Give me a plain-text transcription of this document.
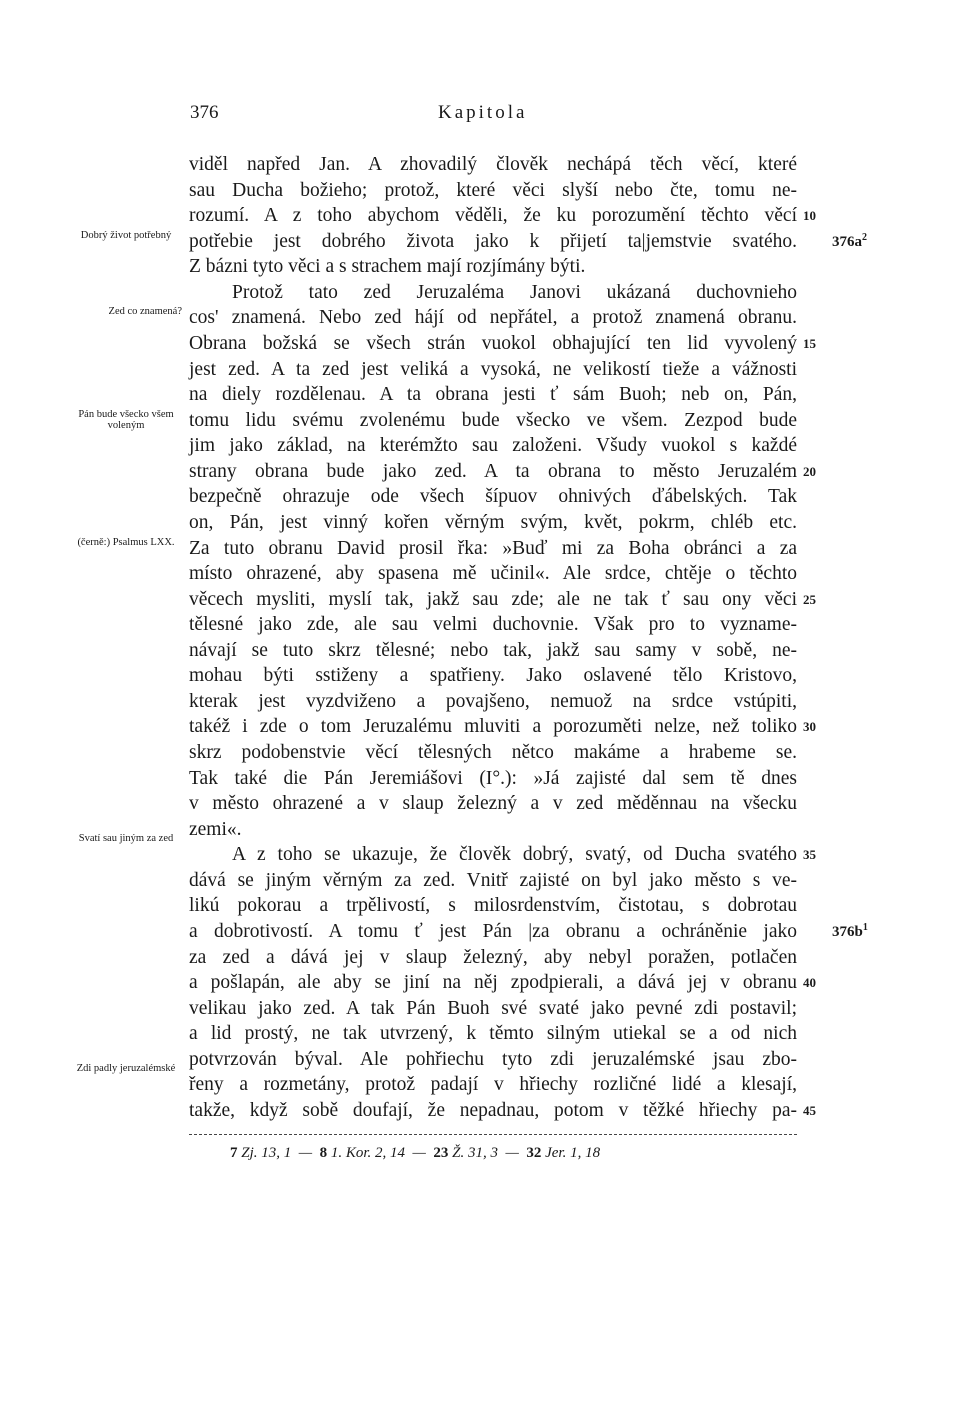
376	Kapitola
viděl napřed Jan. A zhovadilý člověk nechápá těch věcí, které
sau Ducha božieho; protož, které věci slyší nebo čte, tomu ne-
rozumí. A z toho abychom věděli, že ku porozumění těchto věcí
potřebie jest dobrého života jako k přijetí ta|jemstvie svatého.
Z bázni tyto věci a s strachem mají rozjímány býti.
Protož tato zed Jeruzaléma Janovi ukázaná duchovnieho
cos' znamená. Nebo zed hájí od nepřátel, a protož znamená obranu.
Obrana božská se všech strán vuokol obhajující ten lid vyvolený
jest zed. A ta zed jest veliká a vysoká, ne velikostí tieže a vážnosti
na diely rozdělenau. A ta obrana jesti ť sám Buoh; neb on, Pán,
tomu lidu svému zvolenému bude všecko ve všem. Zezpod bude
jim jako základ, na kterémžto sau založeni. Všudy vuokol s každé
strany obrana bude jako zed. A ta obrana to město Jeruzalém
bezpečně ohrazuje ode všech šípuov ohnivých ďábelských. Tak
on, Pán, jest vinný kořen věrným svým, květ, pokrm, chléb etc.
Za tuto obranu David prosil řka: »Buď mi za Boha obránci a za
místo ohrazené, aby spasena mě učinil«. Ale srdce, chtěje o těchto
věcech mysliti, myslí tak, jakž sau zde; ale ne tak ť sau ony věci
tělesné jako zde, ale sau velmi duchovnie. Však pro to vyzname-
návají se tuto skrz tělesné; nebo tak, jakž sau samy v sobě, ne-
mohau býti sstiženy a spatřieny. Jako oslavené tělo Kristovo,
kterak jest vyzdviženo a povajšeno, nemuož na srdce vstúpiti,
takéž i zde o tom Jeruzalému mluviti a porozuměti nelze, než toliko
skrz podobenstvie věcí tělesných nětco makáme a hrabeme se.
Tak také die Pán Jeremiášovi (I°.): »Já zajisté dal sem tě dnes
v město ohrazené a v slaup železný a v zed měděnnau na všecku
zemi«.
A z toho se ukazuje, že člověk dobrý, svatý, od Ducha svatého
dává se jiným věrným za zed. Vnitř zajisté on byl jako město s ve-
likú pokorau a trpělivostí, s milosrdenstvím, čistotau, s dobrotau
a dobrotivostí. A tomu ť jest Pán |za obranu a ochráněnie jako
za zed a dává jej v slaup železný, aby nebyl poražen, potlačen
a pošlapán, ale aby se jiní na něj zpodpierali, a dává jej v obranu
velikau jako zed. A tak Pán Buoh své svaté jako pevné zdi postavil;
a lid prostý, ne tak utvrzený, k těmto silným utiekal se a od nich
potvrzován býval. Ale pohřiechu tyto zdi jeruzalémské jsau zbo-
řeny a rozmetány, protož padají v hřiechy rozličné lidé a klesají,
takže, když sobě doufají, že nepadnau, potom v těžké hřiechy pa-
10
15
20
25
30
35
40
45
$376a^2$
$376b^1$
Dobrý život potřebný
Zed co znamená?
Pán bude všecko všem voleným
(černě:) Psalmus LXX.
Svatí sau jiným za zed
Zdi padly jeruzalémské
7 Zj. 13, 1  —  8 1. Kor. 2, 14  —  23 Ž. 31, 3  —  32 Jer. 1, 18
